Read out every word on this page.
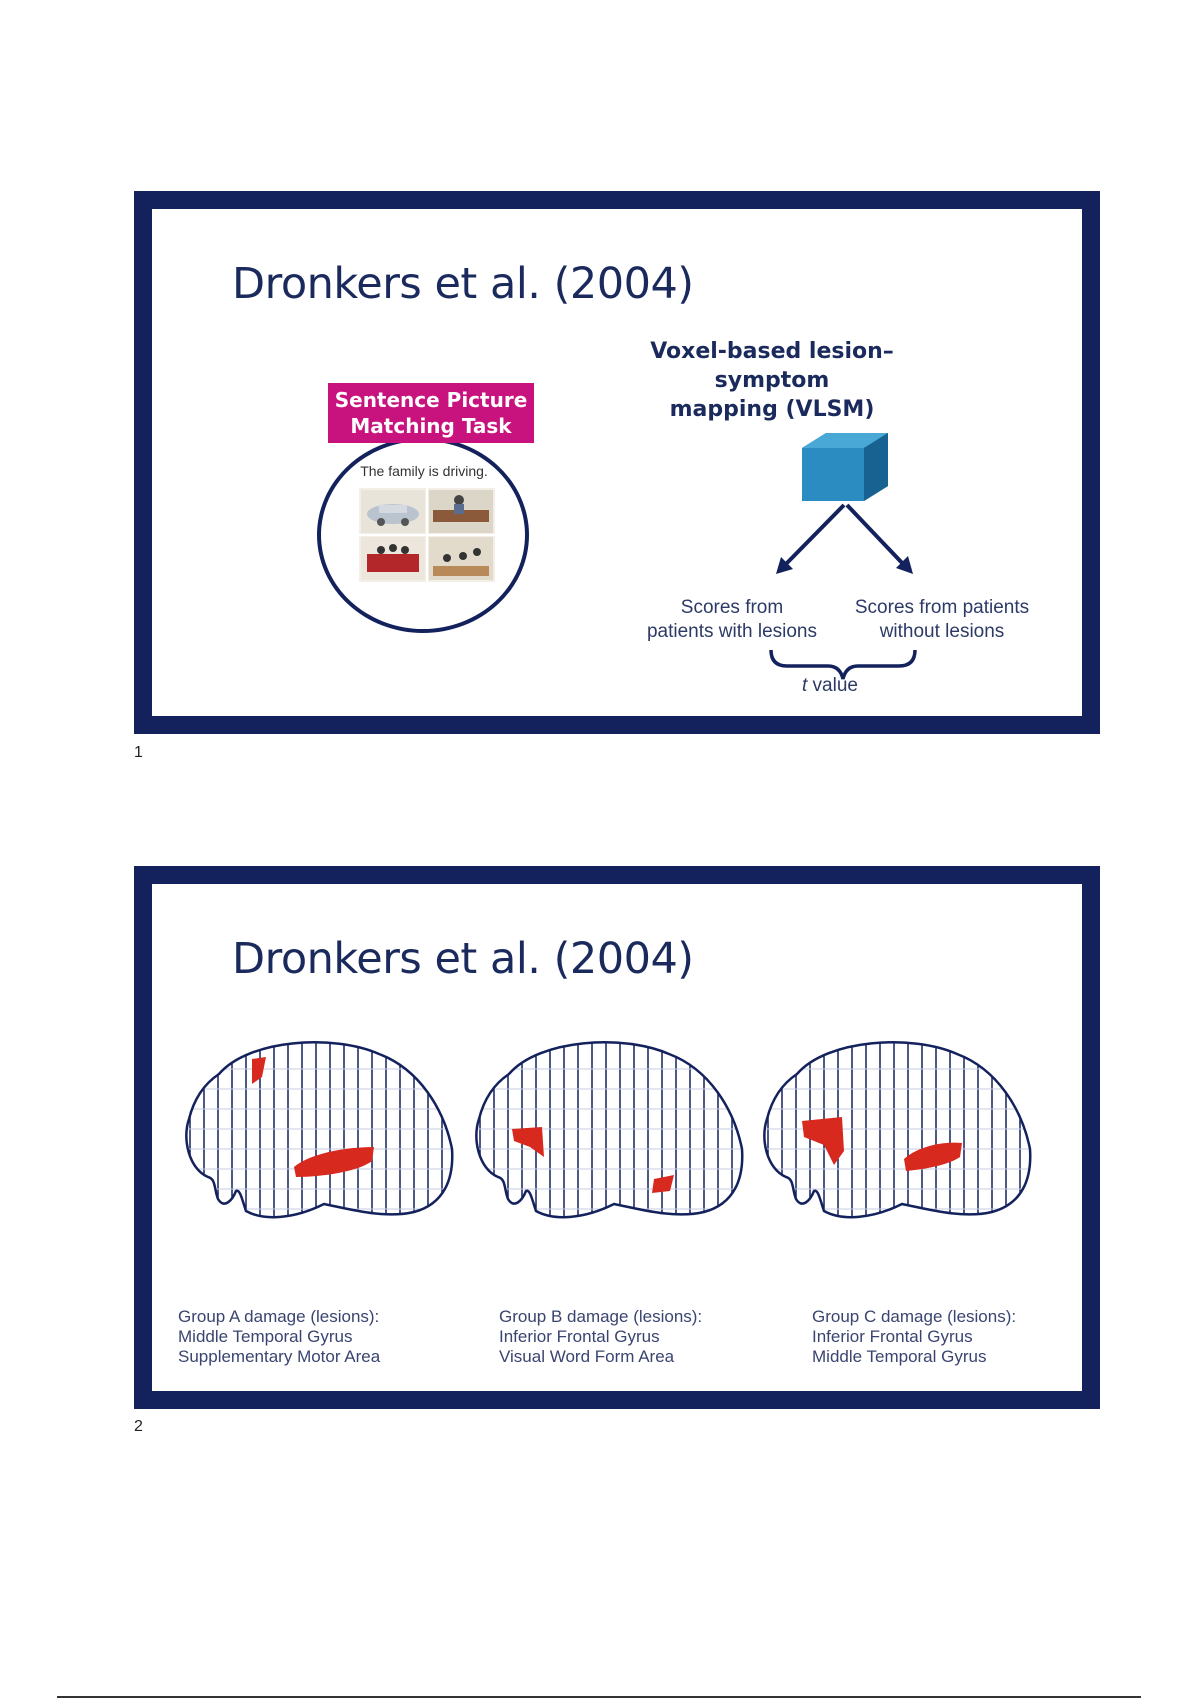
Dronkers et al. (2004)
Sentence Picture
Matching Task
The family is driving.
Voxel-based lesion–symptom
mapping (VLSM)
Scores from
patients with lesions
Scores from patients
without lesions
t value
1
Dronkers et al. (2004)
Group A damage (lesions):
Middle Temporal Gyrus
Supplementary Motor Area
Group B damage (lesions):
Inferior Frontal Gyrus
Visual Word Form Area
Group C damage (lesions):
Inferior Frontal Gyrus
Middle Temporal Gyrus
2
